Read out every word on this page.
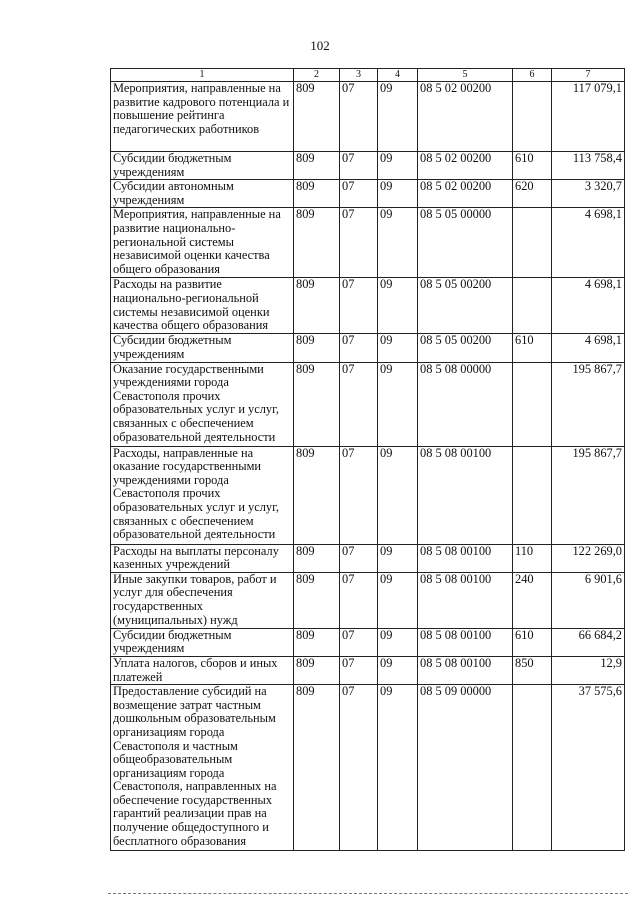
102
1	2	3	4	5	6	7
Мероприятия, направленные на развитие кадрового потенциала и повышение рейтинга педагогических работников	809	07	09	08 5 02 00200		117 079,1
Субсидии бюджетным учреждениям	809	07	09	08 5 02 00200	610	113 758,4
Субсидии автономным учреждениям	809	07	09	08 5 02 00200	620	3 320,7
Мероприятия, направленные на развитие национально-региональной системы независимой оценки качества общего образования	809	07	09	08 5 05 00000		4 698,1
Расходы на развитие национально-региональной системы независимой оценки качества общего образования	809	07	09	08 5 05 00200		4 698,1
Субсидии бюджетным учреждениям	809	07	09	08 5 05 00200	610	4 698,1
Оказание государственными учреждениями города Севастополя прочих образовательных услуг и услуг, связанных с обеспечением образовательной деятельности	809	07	09	08 5 08 00000		195 867,7
Расходы, направленные на оказание государственными учреждениями города Севастополя прочих образовательных услуг и услуг, связанных с обеспечением образовательной деятельности	809	07	09	08 5 08 00100		195 867,7
Расходы на выплаты персоналу казенных учреждений	809	07	09	08 5 08 00100	110	122 269,0
Иные закупки товаров, работ и услуг для обеспечения государственных (муниципальных) нужд	809	07	09	08 5 08 00100	240	6 901,6
Субсидии бюджетным учреждениям	809	07	09	08 5 08 00100	610	66 684,2
Уплата налогов, сборов и иных платежей	809	07	09	08 5 08 00100	850	12,9
Предоставление субсидий на возмещение затрат частным дошкольным образовательным организациям города Севастополя и частным общеобразовательным организациям города Севастополя, направленных на обеспечение государственных гарантий реализации прав на получение общедоступного и бесплатного образования	809	07	09	08 5 09 00000		37 575,6
